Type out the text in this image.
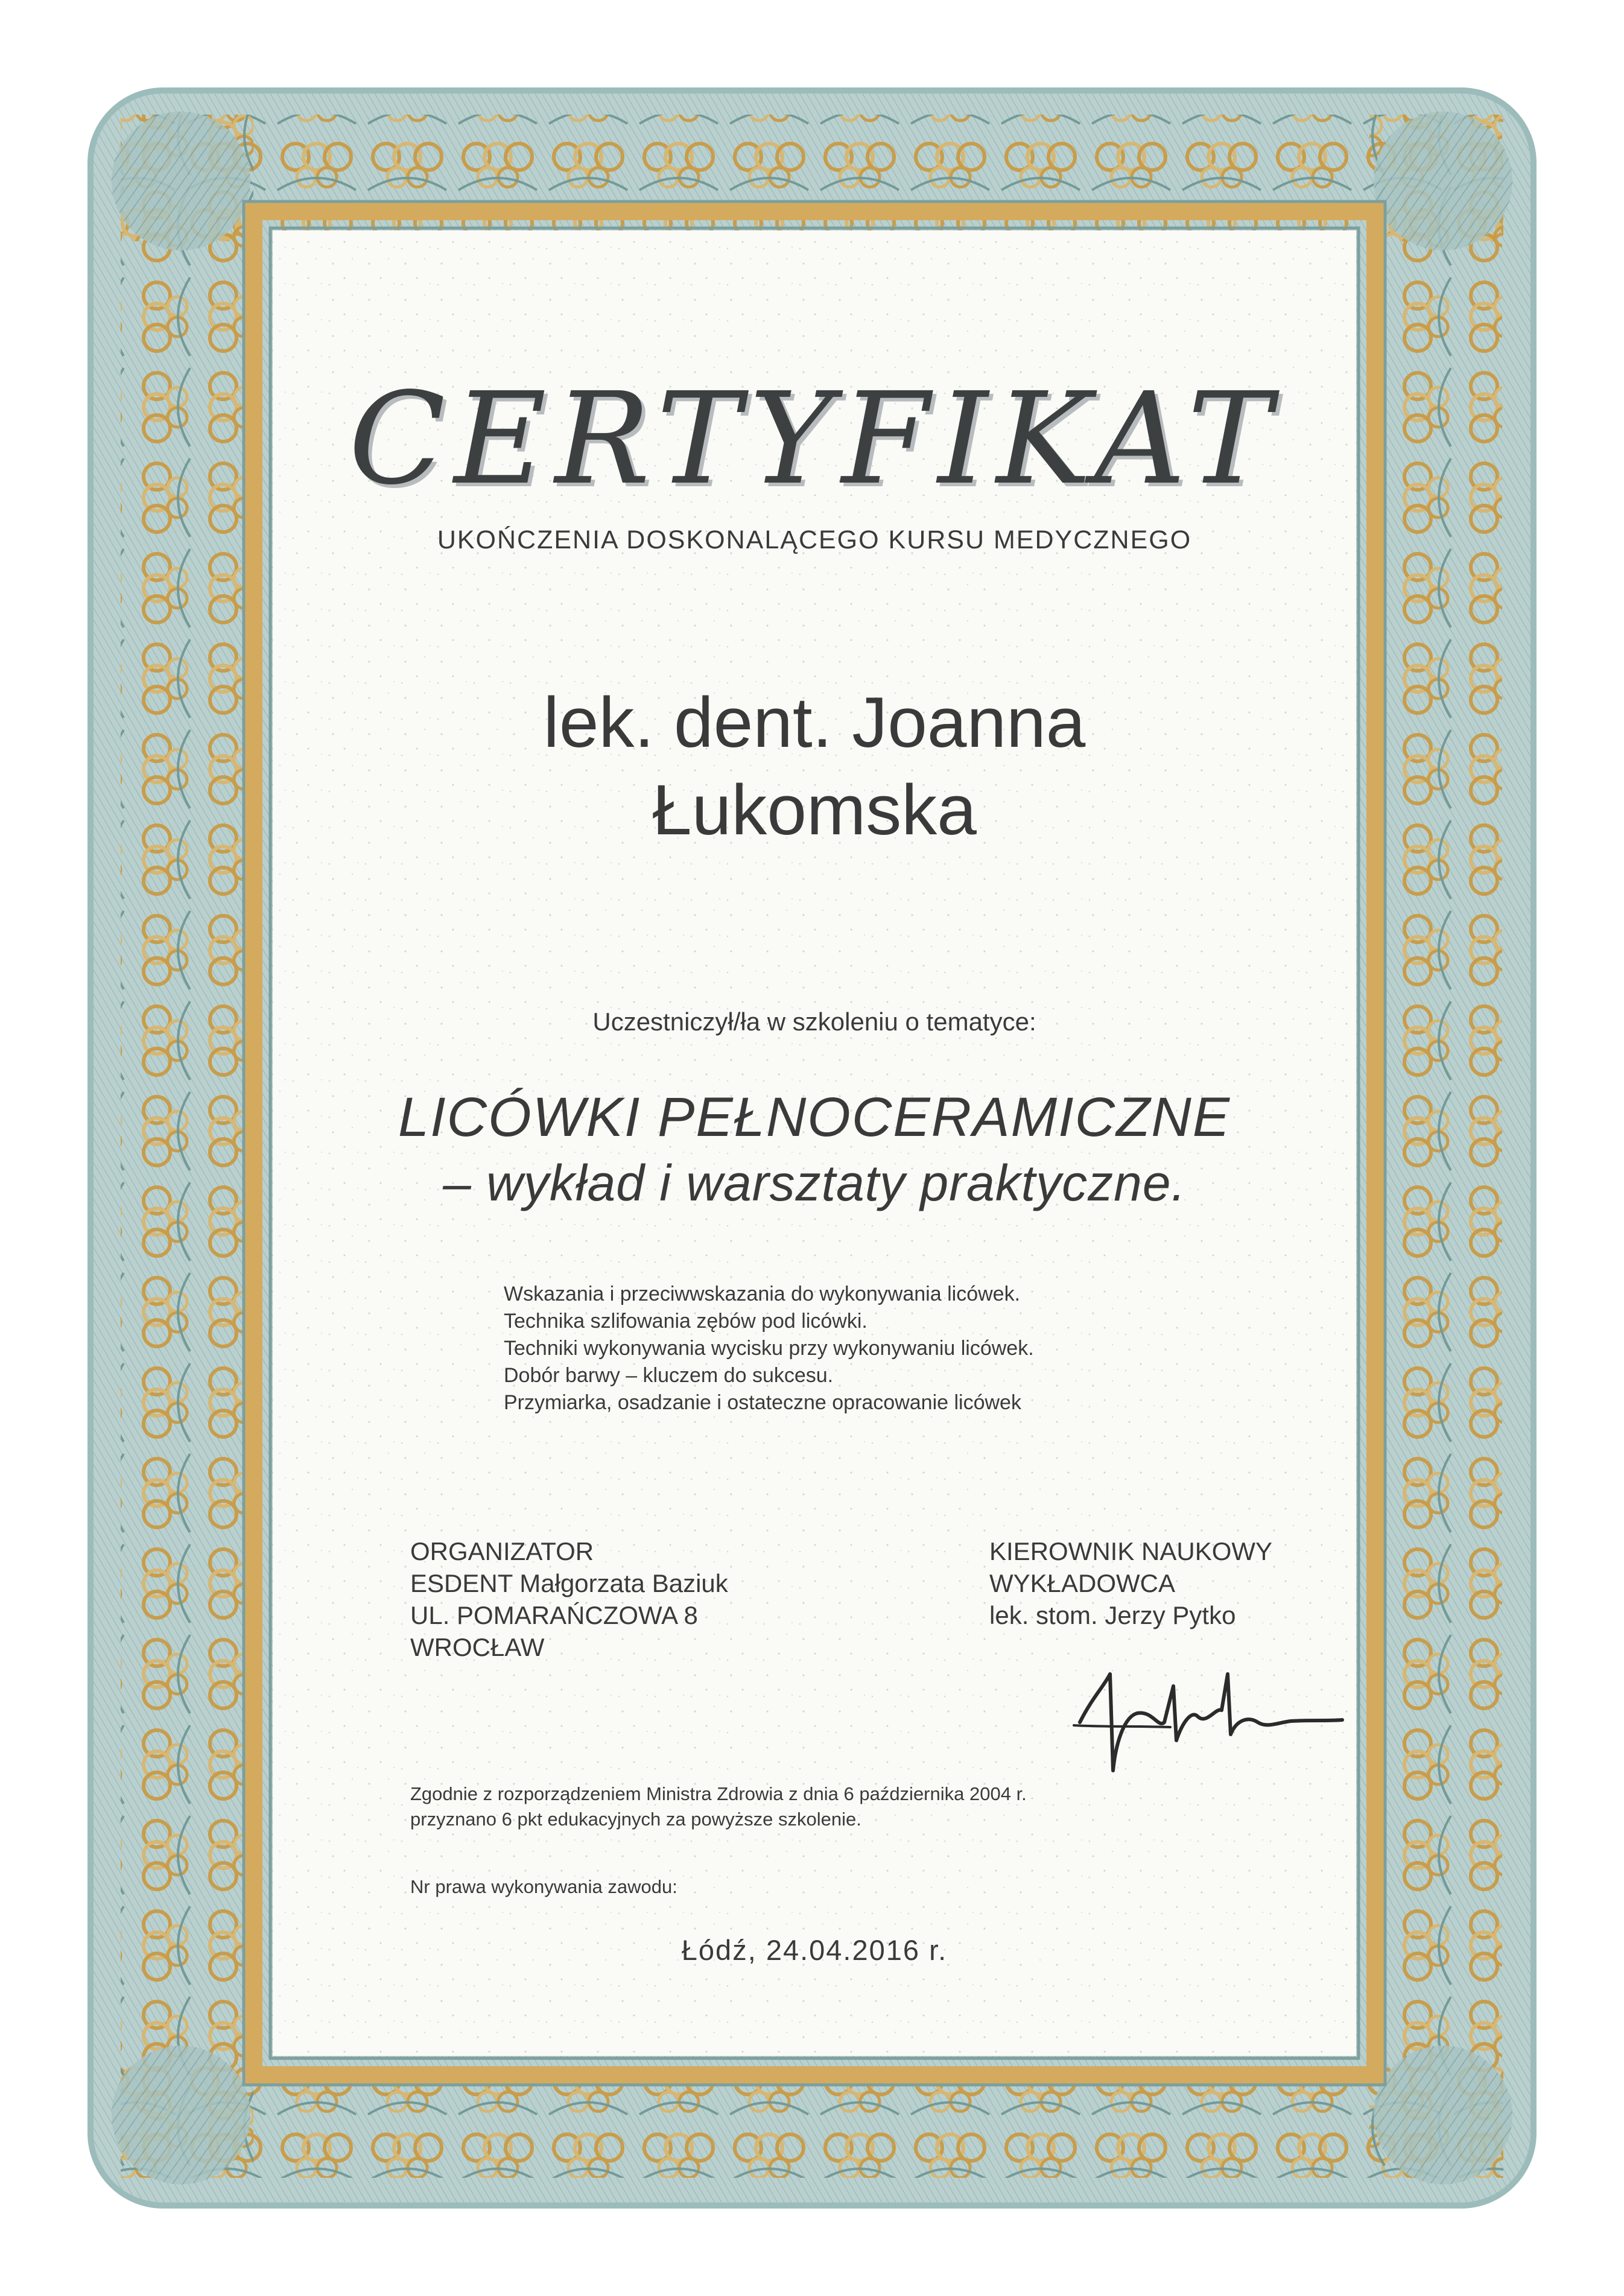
CERTYFIKAT
UKOŃCZENIA DOSKONALĄCEGO KURSU MEDYCZNEGO
lek. dent. Joanna
Łukomska
Uczestniczył/ła w szkoleniu o tematyce:
LICÓWKI PEŁNOCERAMICZNE
– wykład i warsztaty praktyczne.
Wskazania i przeciwwskazania do wykonywania licówek.
Technika szlifowania zębów pod licówki.
Techniki wykonywania wycisku przy wykonywaniu licówek.
Dobór barwy – kluczem do sukcesu.
Przymiarka, osadzanie i ostateczne opracowanie licówek
ORGANIZATOR
ESDENT Małgorzata Baziuk
UL. POMARAŃCZOWA 8
WROCŁAW
KIEROWNIK NAUKOWY
WYKŁADOWCA
lek. stom. Jerzy Pytko
Zgodnie z rozporządzeniem Ministra Zdrowia z dnia 6 października 2004 r.
przyznano 6 pkt edukacyjnych za powyższe szkolenie.
Nr prawa wykonywania zawodu:
Łódź, 24.04.2016 r.
